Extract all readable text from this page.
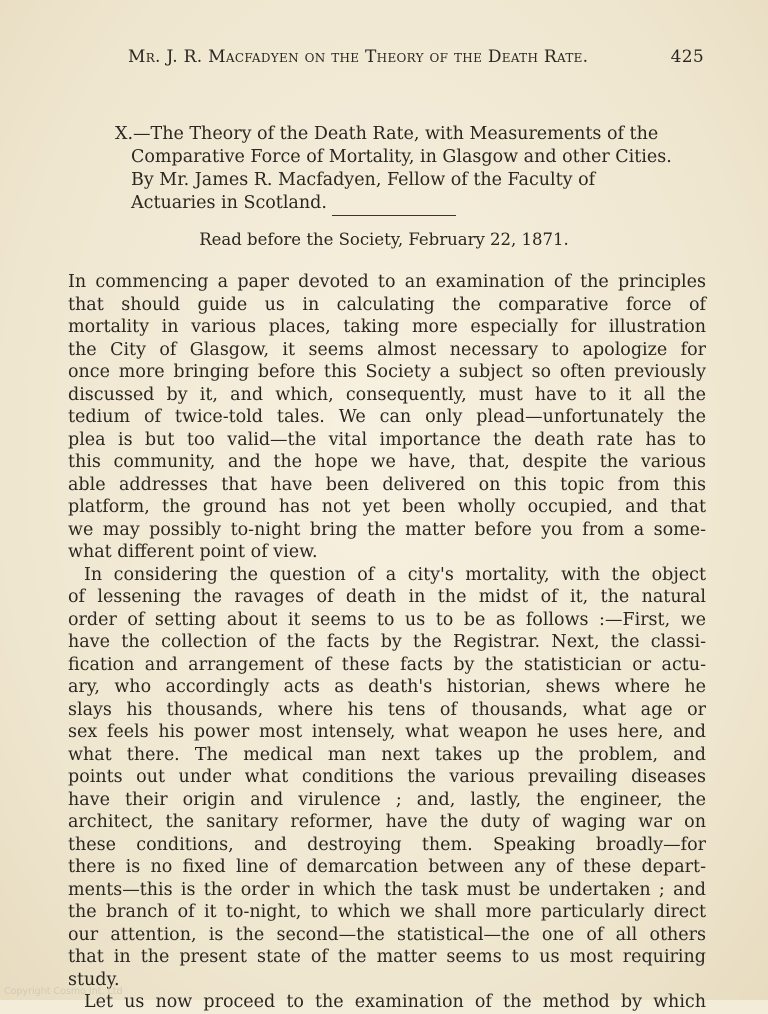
Mr. J. R. Macfadyen on the Theory of the Death Rate.	425
X.—The Theory of the Death Rate, with Measurements of the
Comparative Force of Mortality, in Glasgow and other Cities.
By Mr. James R. Macfadyen, Fellow of the Faculty of
Actuaries in Scotland.
Read before the Society, February 22, 1871.
In commencing a paper devoted to an examination of the principles
that should guide us in calculating the comparative force of
mortality in various places, taking more especially for illustration
the City of Glasgow, it seems almost necessary to apologize for
once more bringing before this Society a subject so often previously
discussed by it, and which, consequently, must have to it all the
tedium of twice-told tales. We can only plead—unfortunately the
plea is but too valid—the vital importance the death rate has to
this community, and the hope we have, that, despite the various
able addresses that have been delivered on this topic from this
platform, the ground has not yet been wholly occupied, and that
we may possibly to-night bring the matter before you from a some-
what different point of view.
In considering the question of a city's mortality, with the object
of lessening the ravages of death in the midst of it, the natural
order of setting about it seems to us to be as follows :—First, we
have the collection of the facts by the Registrar. Next, the classi-
fication and arrangement of these facts by the statistician or actu-
ary, who accordingly acts as death's historian, shews where he
slays his thousands, where his tens of thousands, what age or
sex feels his power most intensely, what weapon he uses here, and
what there. The medical man next takes up the problem, and
points out under what conditions the various prevailing diseases
have their origin and virulence ; and, lastly, the engineer, the
architect, the sanitary reformer, have the duty of waging war on
these conditions, and destroying them. Speaking broadly—for
there is no fixed line of demarcation between any of these depart-
ments—this is the order in which the task must be undertaken ; and
the branch of it to-night, to which we shall more particularly direct
our attention, is the second—the statistical—the one of all others
that in the present state of the matter seems to us most requiring
study.
Let us now proceed to the examination of the method by which
Copyright Cosmo Int. Ltd
